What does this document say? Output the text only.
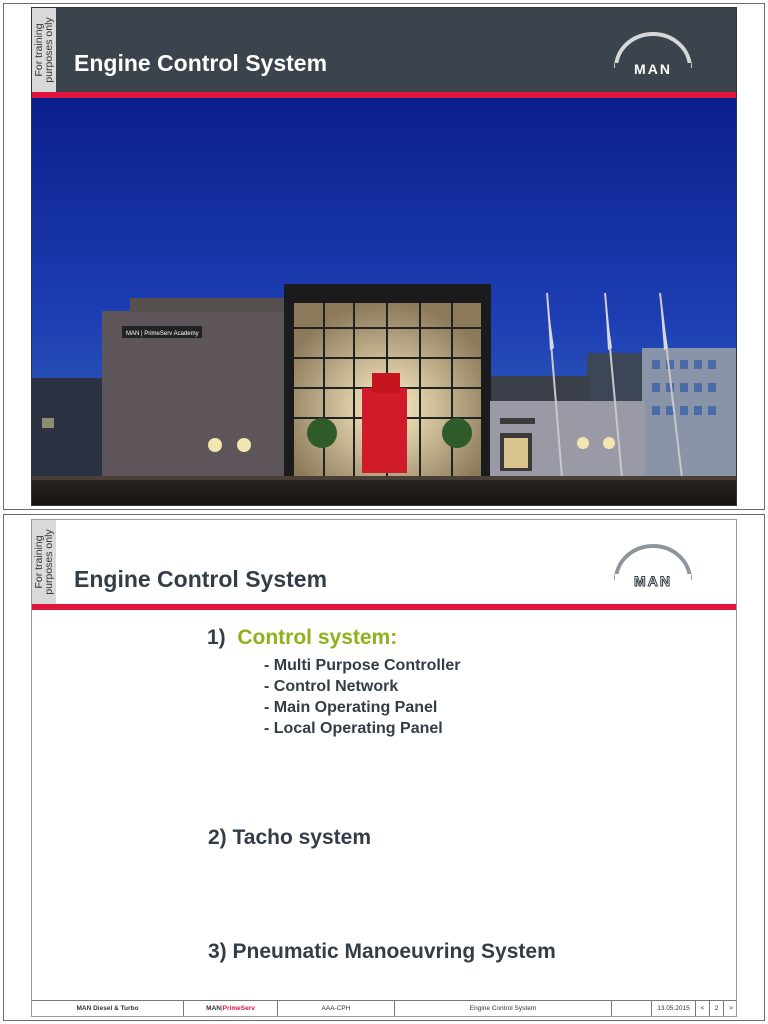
Engine Control System	MAN
For training purposes only
MAN | PrimeServ Academy
Engine Control System	MAN
For training purposes only
1) Control system:
- Multi Purpose Controller
- Control Network
- Main Operating Panel
- Local Operating Panel
2) Tacho system
3) Pneumatic Manoeuvring System
MAN Diesel & Turbo	MAN | PrimeServ	AAA-CPH	Engine Control System	13.05.2015	<	2	>
